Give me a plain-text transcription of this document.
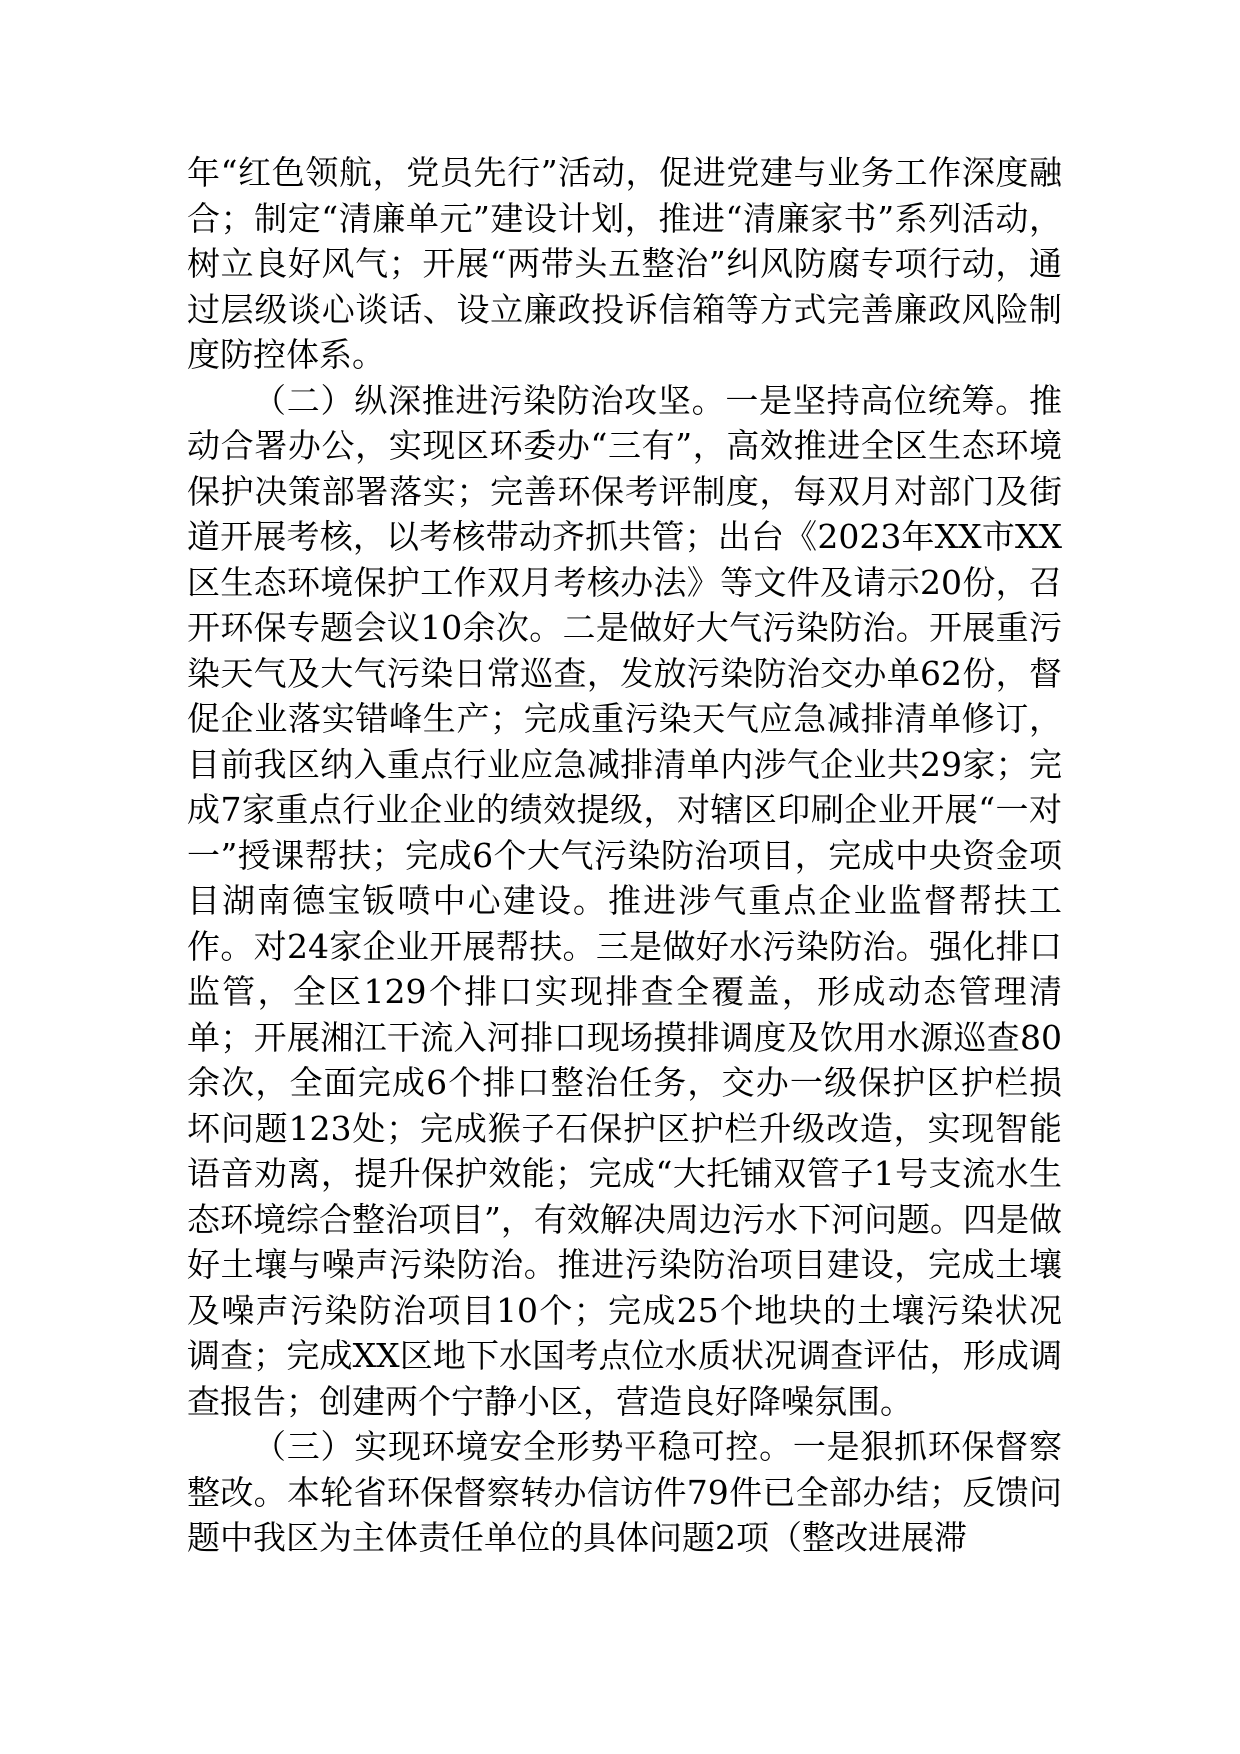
年“红色领航，党员先行”活动，促进党建与业务工作深度融合；制定“清廉单元”建设计划，推进“清廉家书”系列活动，树立良好风气；开展“两带头五整治”纠风防腐专项行动，通过层级谈心谈话、设立廉政投诉信箱等方式完善廉政风险制度防控体系。

（二）纵深推进污染防治攻坚。一是坚持高位统筹。推动合署办公，实现区环委办“三有”，高效推进全区生态环境保护决策部署落实；完善环保考评制度，每双月对部门及街道开展考核，以考核带动齐抓共管；出台《2023年XX市XX区生态环境保护工作双月考核办法》等文件及请示20份，召开环保专题会议10余次。二是做好大气污染防治。开展重污染天气及大气污染日常巡查，发放污染防治交办单62份，督促企业落实错峰生产；完成重污染天气应急减排清单修订，目前我区纳入重点行业应急减排清单内涉气企业共29家；完成7家重点行业企业的绩效提级，对辖区印刷企业开展“一对一”授课帮扶；完成6个大气污染防治项目，完成中央资金项目湖南德宝钣喷中心建设。推进涉气重点企业监督帮扶工作。对24家企业开展帮扶。三是做好水污染防治。强化排口监管，全区129个排口实现排查全覆盖，形成动态管理清单；开展湘江干流入河排口现场摸排调度及饮用水源巡查80余次，全面完成6个排口整治任务，交办一级保护区护栏损坏问题123处；完成猴子石保护区护栏升级改造，实现智能语音劝离，提升保护效能；完成“大托铺双管子1号支流水生态环境综合整治项目”，有效解决周边污水下河问题。四是做好土壤与噪声污染防治。推进污染防治项目建设，完成土壤及噪声污染防治项目10个；完成25个地块的土壤污染状况调查；完成XX区地下水国考点位水质状况调查评估，形成调查报告；创建两个宁静小区，营造良好降噪氛围。

（三）实现环境安全形势平稳可控。一是狠抓环保督察整改。本轮省环保督察转办信访件79件已全部办结；反馈问题中我区为主体责任单位的具体问题2项（整改进展滞
